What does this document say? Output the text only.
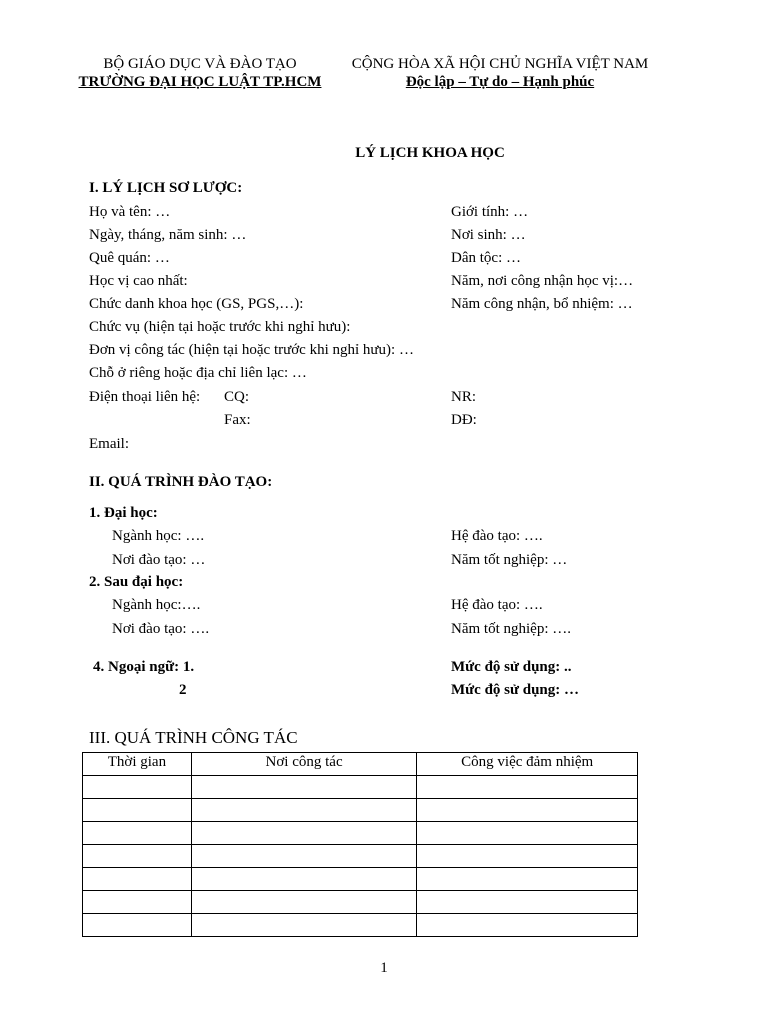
BỘ GIÁO DỤC VÀ ĐÀO TẠO
TRƯỜNG ĐẠI HỌC LUẬT TP.HCM
CỘNG HÒA XÃ HỘI CHỦ NGHĨA VIỆT NAM
Độc lập – Tự do – Hạnh phúc
LÝ LỊCH KHOA HỌC
I. LÝ LỊCH SƠ LƯỢC:
Họ và tên: …	Giới tính: …
Ngày, tháng, năm sinh: …	Nơi sinh: …
Quê quán: …	Dân tộc: …
Học vị cao nhất:	Năm, nơi công nhận học vị:…
Chức danh khoa học (GS, PGS,…):	Năm công nhận, bổ nhiệm: …
Chức vụ (hiện tại hoặc trước khi nghỉ hưu):
Đơn vị công tác (hiện tại hoặc trước khi nghỉ hưu): …
Chỗ ở riêng hoặc địa chỉ liên lạc: …
Điện thoại liên hệ: CQ:	NR:
Fax:	DĐ:
Email:
II. QUÁ TRÌNH ĐÀO TẠO:
1. Đại học:
Ngành học: ….	Hệ đào tạo: ….
Nơi đào tạo: …	Năm tốt nghiệp: …
2. Sau đại học:
Ngành học:….	Hệ đào tạo: ….
Nơi đào tạo: ….	Năm tốt nghiệp: ….
4. Ngoại ngữ: 1.	Mức độ sử dụng: ..
2	Mức độ sử dụng: …
III. QUÁ TRÌNH CÔNG TÁC
Thời gian	Nơi công tác	Công việc đảm nhiệm

1
